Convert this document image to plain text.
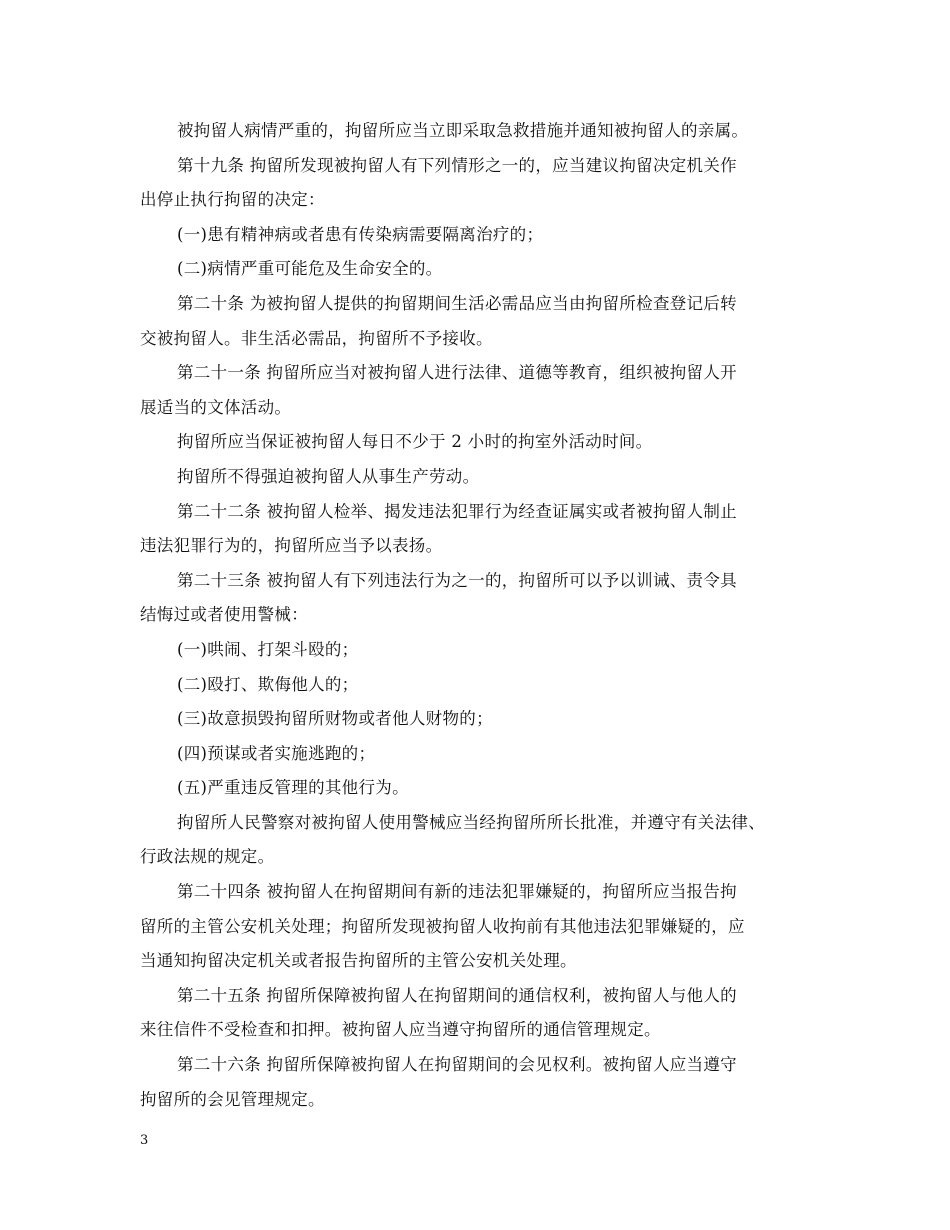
被拘留人病情严重的，拘留所应当立即采取急救措施并通知被拘留人的亲属。
第十九条 拘留所发现被拘留人有下列情形之一的，应当建议拘留决定机关作
出停止执行拘留的决定：
(一)患有精神病或者患有传染病需要隔离治疗的；
(二)病情严重可能危及生命安全的。
第二十条 为被拘留人提供的拘留期间生活必需品应当由拘留所检查登记后转
交被拘留人。非生活必需品，拘留所不予接收。
第二十一条 拘留所应当对被拘留人进行法律、道德等教育，组织被拘留人开
展适当的文体活动。
拘留所应当保证被拘留人每日不少于 2 小时的拘室外活动时间。
拘留所不得强迫被拘留人从事生产劳动。
第二十二条 被拘留人检举、揭发违法犯罪行为经查证属实或者被拘留人制止
违法犯罪行为的，拘留所应当予以表扬。
第二十三条 被拘留人有下列违法行为之一的，拘留所可以予以训诫、责令具
结悔过或者使用警械：
(一)哄闹、打架斗殴的；
(二)殴打、欺侮他人的；
(三)故意损毁拘留所财物或者他人财物的；
(四)预谋或者实施逃跑的；
(五)严重违反管理的其他行为。
拘留所人民警察对被拘留人使用警械应当经拘留所所长批准，并遵守有关法律、
行政法规的规定。
第二十四条 被拘留人在拘留期间有新的违法犯罪嫌疑的，拘留所应当报告拘
留所的主管公安机关处理；拘留所发现被拘留人收拘前有其他违法犯罪嫌疑的，应
当通知拘留决定机关或者报告拘留所的主管公安机关处理。
第二十五条 拘留所保障被拘留人在拘留期间的通信权利，被拘留人与他人的
来往信件不受检查和扣押。被拘留人应当遵守拘留所的通信管理规定。
第二十六条 拘留所保障被拘留人在拘留期间的会见权利。被拘留人应当遵守
拘留所的会见管理规定。
3
